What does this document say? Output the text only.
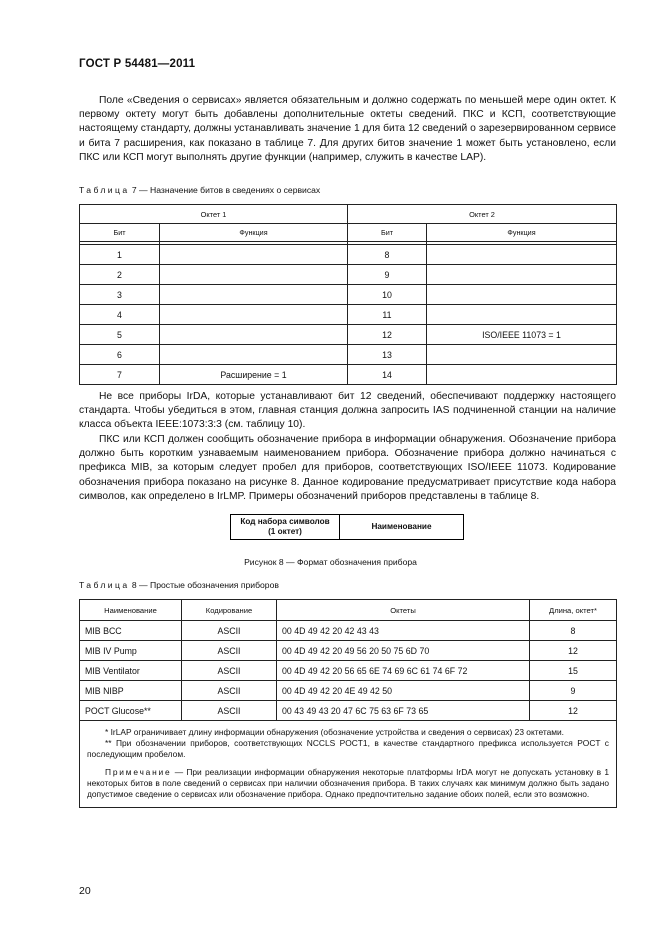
ГОСТ Р 54481—2011

Поле «Сведения о сервисах» является обязательным и должно содержать по меньшей мере один октет. К первому октету могут быть добавлены дополнительные октеты сведений. ПКС и КСП, соответствующие настоящему стандарту, должны устанавливать значение 1 для бита 12 сведений о зарезервированном сервисе и бита 7 расширения, как показано в таблице 7. Для других битов значение 1 может быть установлено, если ПКС или КСП могут выполнять другие функции (например, служить в качестве LAP).

Таблица 7 — Назначение битов в сведениях о сервисах
Октет 1		Октет 2	
Бит	Функция	Бит	Функция

1		8	
2		9	
3		10	
4		11	
5		12	ISO/IEEE 11073 = 1
6		13	
7	Расширение = 1	14	

Не все приборы IrDA, которые устанавливают бит 12 сведений, обеспечивают поддержку настоящего стандарта. Чтобы убедиться в этом, главная станция должна запросить IAS подчиненной станции на наличие класса объекта IEEE:1073:3:3 (см. таблицу 10).

ПКС или КСП должен сообщить обозначение прибора в информации обнаружения. Обозначение прибора должно быть коротким узнаваемым наименованием прибора. Обозначение прибора должно начинаться с префикса MIB, за которым следует пробел для приборов, соответствующих ISO/IEEE 11073. Кодирование обозначения прибора показано на рисунке 8. Данное кодирование предусматривает присутствие кода набора символов, как определено в IrLMP. Примеры обозначений приборов представлены в таблице 8.

Код набора символов
(1 октет)
Наименование
Рисунок 8 — Формат обозначения прибора
Таблица 8 — Простые обозначения приборов
Наименование	Кодирование	Октеты	Длина, октет*
MIB BCC	ASCII	00 4D 49 42 20 42 43 43	8
MIB IV Pump	ASCII	00 4D 49 42 20 49 56 20 50 75 6D 70	12
MIB Ventilator	ASCII	00 4D 49 42 20 56 65 6E 74 69 6C 61 74 6F 72	15
MIB NIBP	ASCII	00 4D 49 42 20 4E 49 42 50	9
POCT Glucose**	ASCII	00 43 49 43 20 47 6C 75 63 6F 73 65	12

* IrLAP ограничивает длину информации обнаружения (обозначение устройства и сведения о сервисах) 23 октетами.

** При обозначении приборов, соответствующих NCCLS POCT1, в качестве стандартного префикса используется POCT с последующим пробелом.

Примечание — При реализации информации обнаружения некоторые платформы IrDA могут не допускать установку в 1 некоторых битов в поле сведений о сервисах при наличии обозначения прибора. В таких случаях как минимум должно быть задано допустимое сведение о сервисах или обозначение прибора. Однако предпочтительно задание обоих полей, если это возможно.			

20
